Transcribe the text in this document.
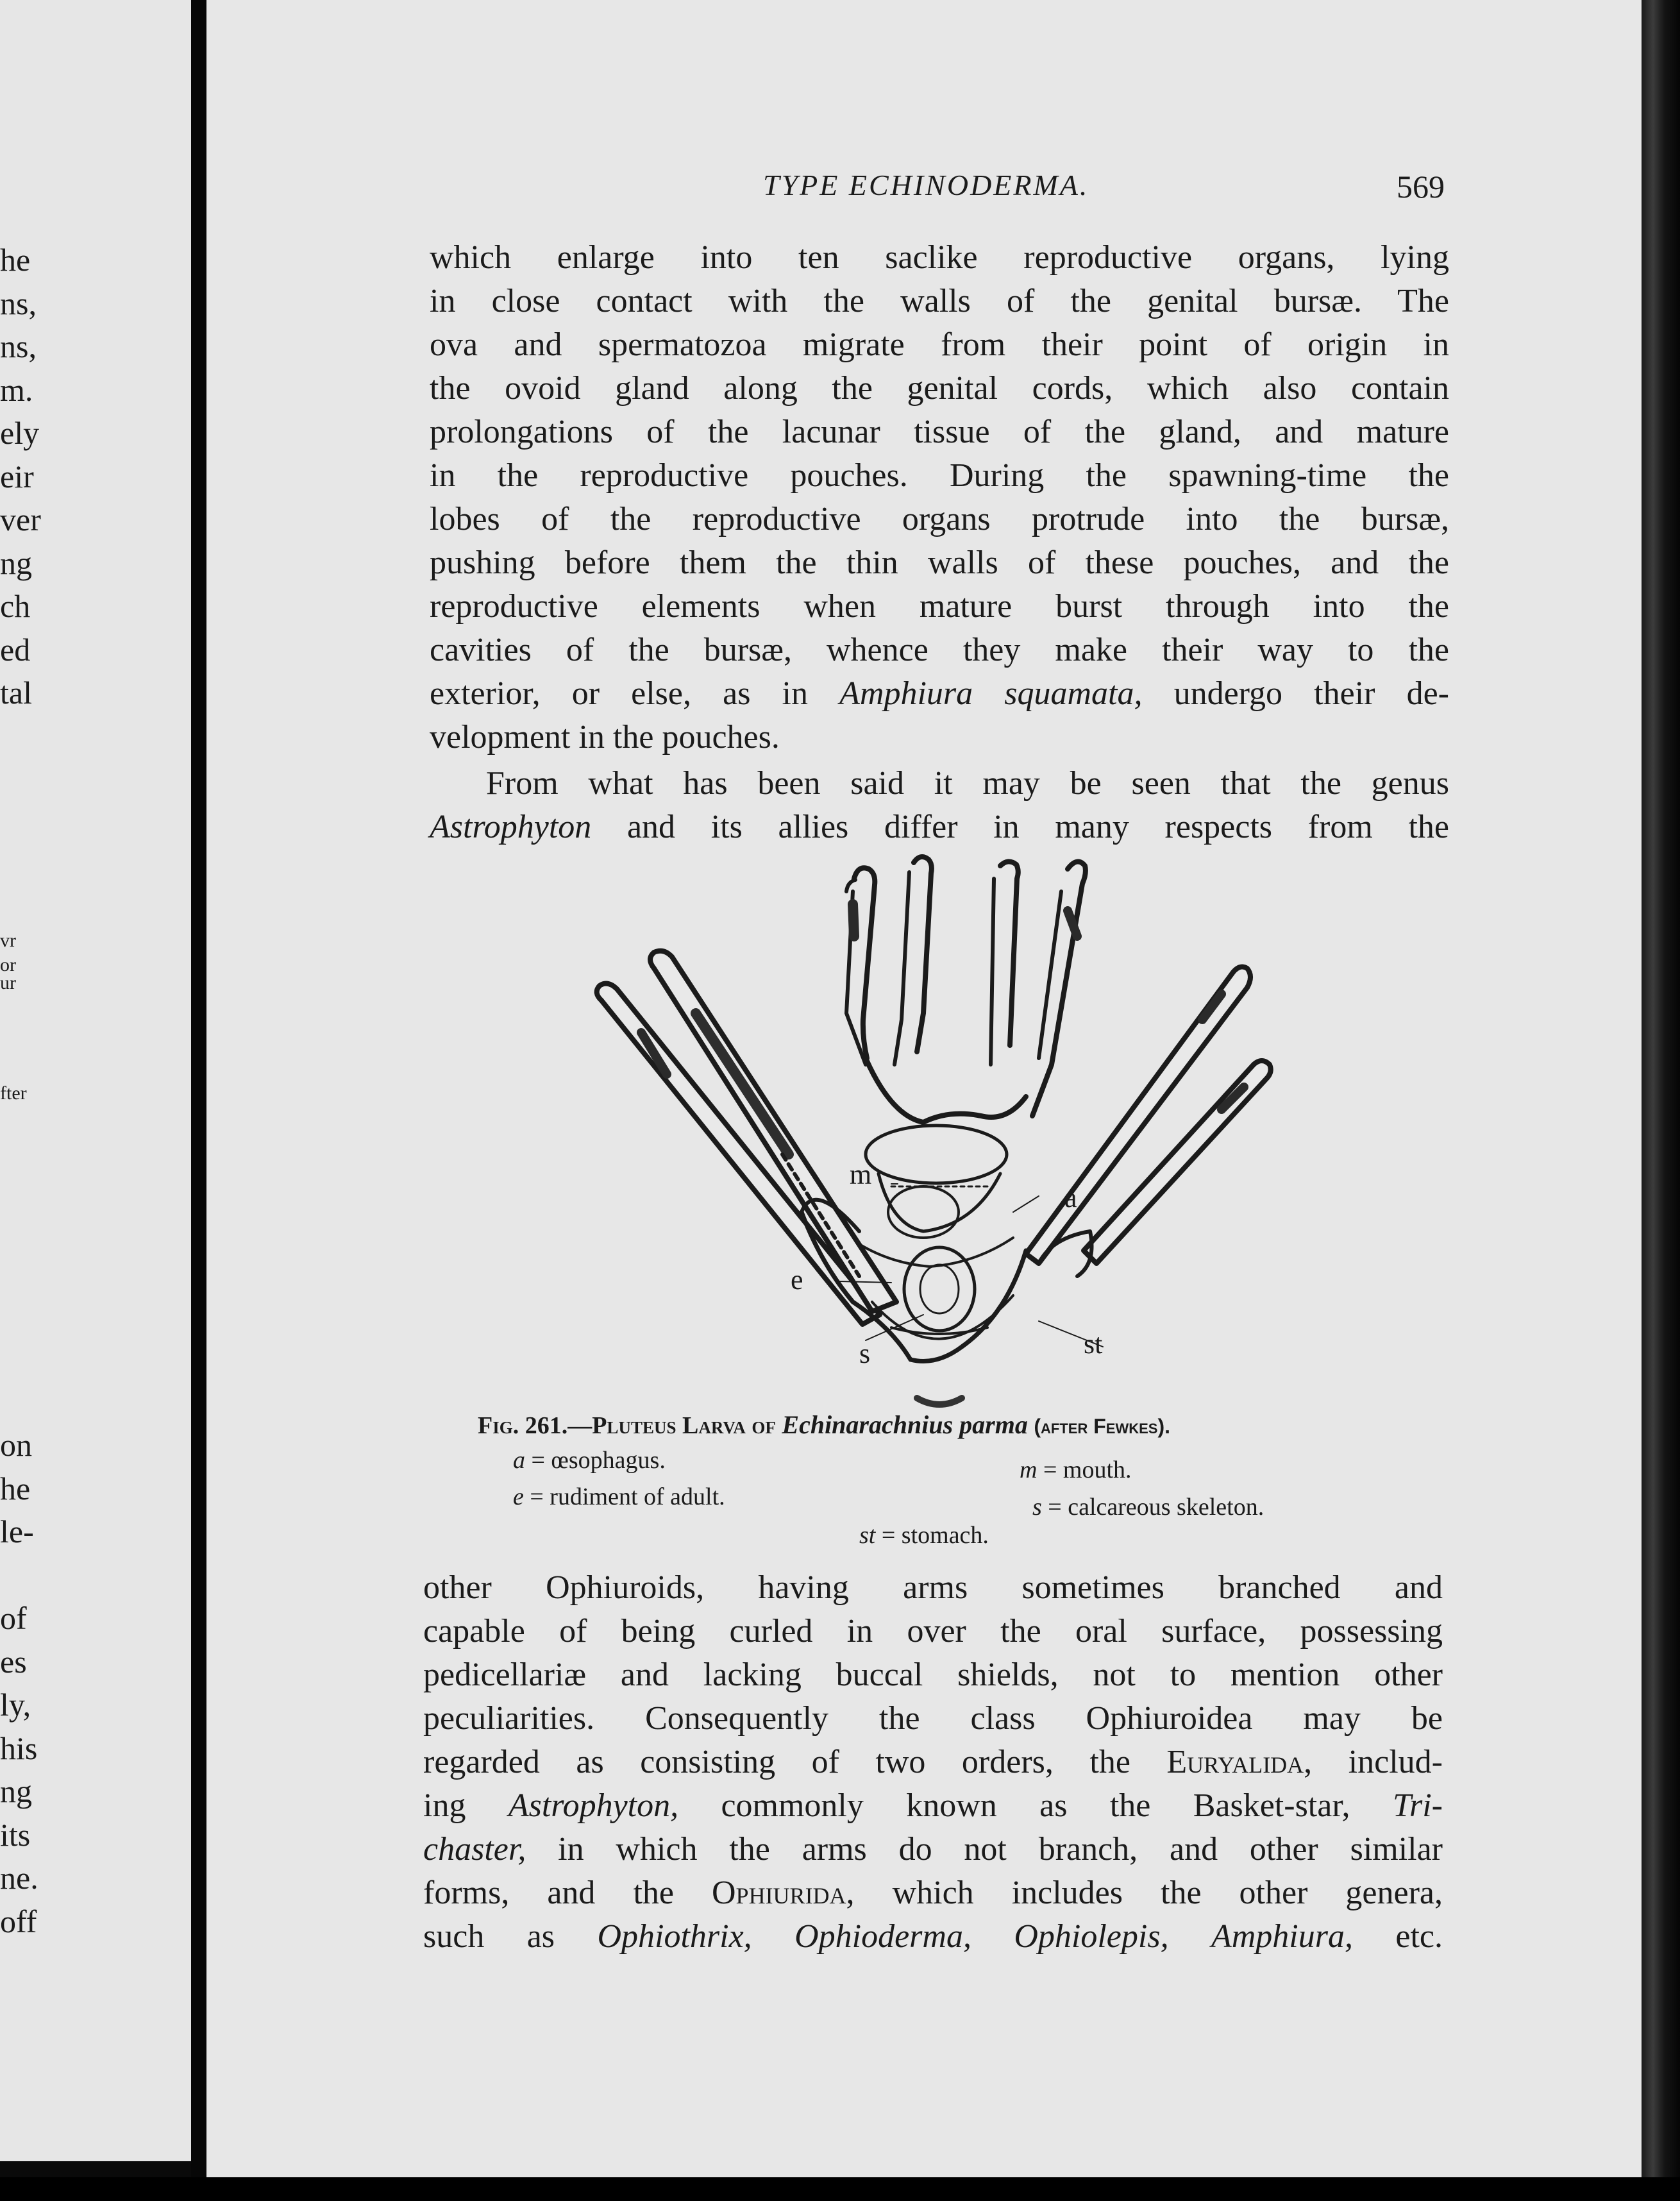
he
ns,
ns,
m.
ely
eir
ver
ng
ch
ed
tal
vr
or
ur
fter
on
he
le-
of
es
ly,
his
ng
its
ne.
off
TYPE ECHINODERMA.	569
which enlarge into ten saclike reproductive organs, lying
in close contact with the walls of the genital bursæ. The
ova and spermatozoa migrate from their point of origin in
the ovoid gland along the genital cords, which also contain
prolongations of the lacunar tissue of the gland, and mature
in the reproductive pouches. During the spawning-time the
lobes of the reproductive organs protrude into the bursæ,
pushing before them the thin walls of these pouches, and the
reproductive elements when mature burst through into the
cavities of the bursæ, whence they make their way to the
exterior, or else, as in Amphiura squamata, undergo their de-
velopment in the pouches.
From what has been said it may be seen that the genus
Astrophyton and its allies differ in many respects from the
m
a
e
s	st
Fig. 261.—Pluteus Larva of Echinarachnius parma (after Fewkes).
a = œsophagus.	m = mouth.
e = rudiment of adult.	s = calcareous skeleton.
st = stomach.
other Ophiuroids, having arms sometimes branched and
capable of being curled in over the oral surface, possessing
pedicellariæ and lacking buccal shields, not to mention other
peculiarities. Consequently the class Ophiuroidea may be
regarded as consisting of two orders, the Euryalida, includ-
ing Astrophyton, commonly known as the Basket-star, Tri-
chaster, in which the arms do not branch, and other similar
forms, and the Ophiurida, which includes the other genera,
such as Ophiothrix, Ophioderma, Ophiolepis, Amphiura, etc.
